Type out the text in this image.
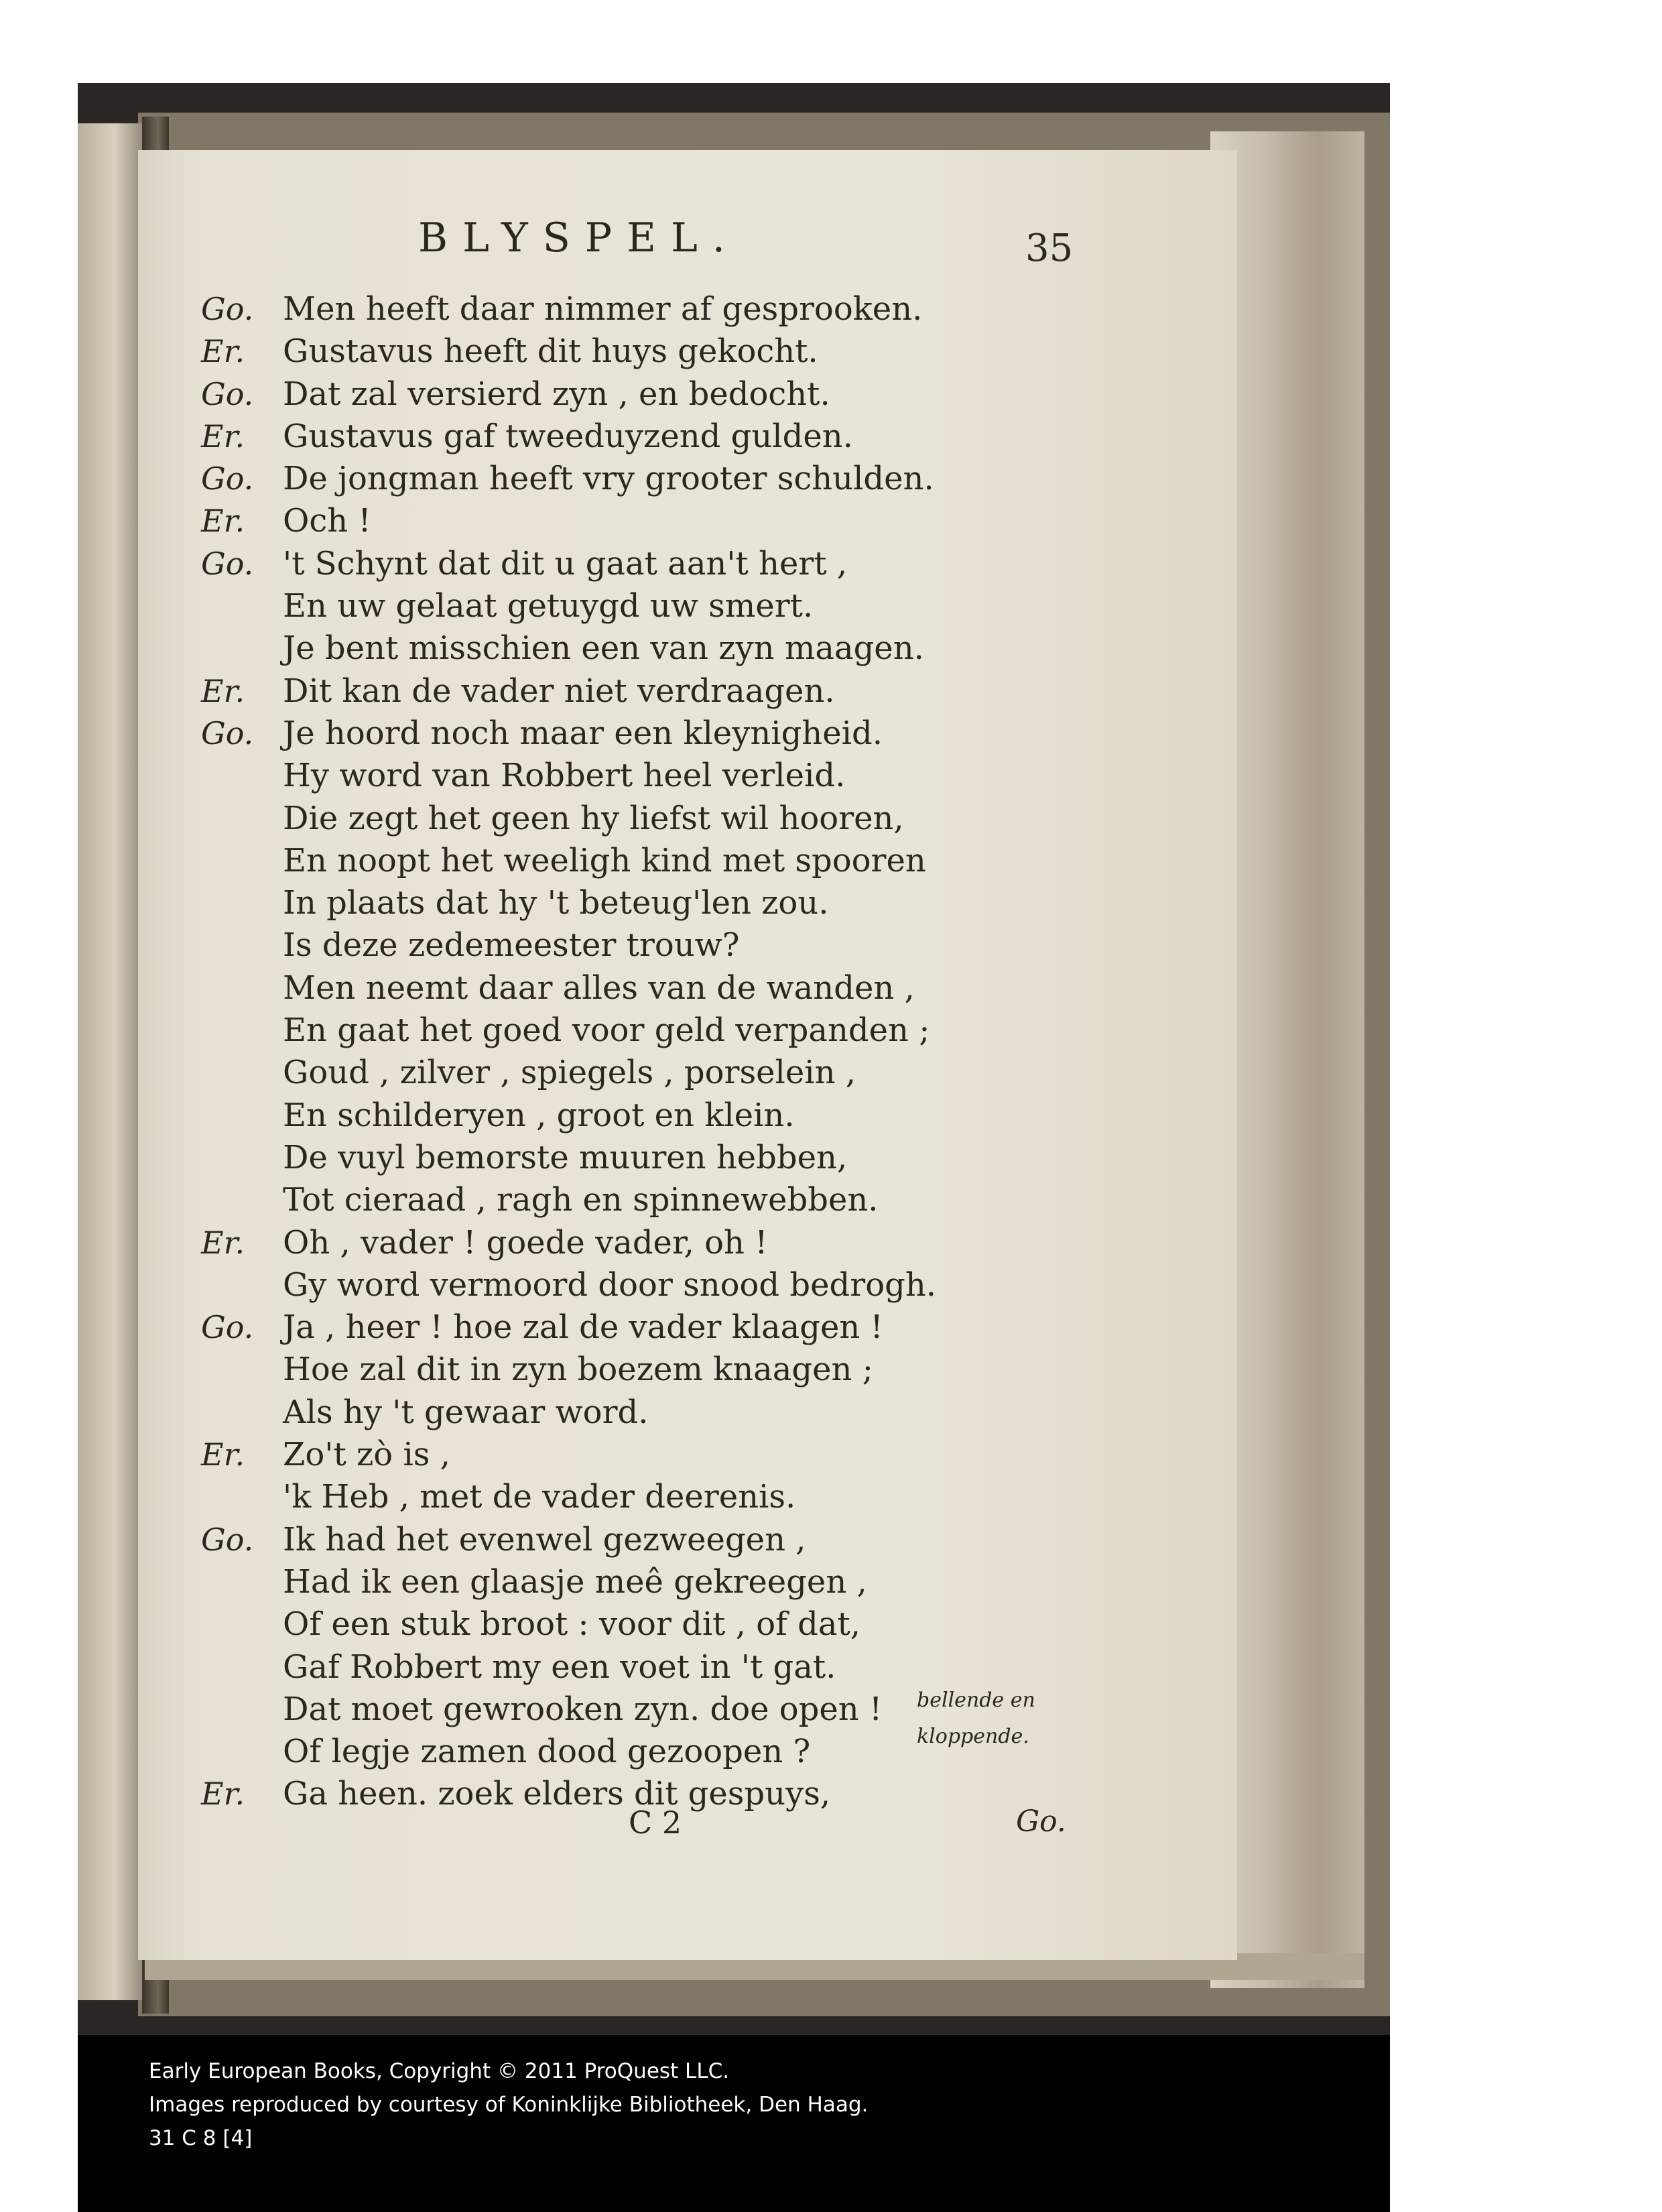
BLYSPEL.	35
Go. Men heeft daar nimmer af gesprooken.
Er. Gustavus heeft dit huys gekocht.
Go. Dat zal versierd zyn , en bedocht.
Er. Gustavus gaf tweeduyzend gulden.
Go. De jongman heeft vry grooter schulden.
Er. Och !
Go. 't Schynt dat dit u gaat aan't hert ,
En uw gelaat getuygd uw smert.
Je bent misschien een van zyn maagen.
Er. Dit kan de vader niet verdraagen.
Go. Je hoord noch maar een kleynigheid.
Hy word van Robbert heel verleid.
Die zegt het geen hy liefst wil hooren,
En noopt het weeligh kind met spooren
In plaats dat hy 't beteug'len zou.
Is deze zedemeester trouw?
Men neemt daar alles van de wanden ,
En gaat het goed voor geld verpanden ;
Goud , zilver , spiegels , porselein ,
En schilderyen , groot en klein.
De vuyl bemorste muuren hebben,
Tot cieraad , ragh en spinnewebben.
Er. Oh , vader ! goede vader, oh !
Gy word vermoord door snood bedrogh.
Go. Ja , heer ! hoe zal de vader klaagen !
Hoe zal dit in zyn boezem knaagen ;
Als hy 't gewaar word.
Er. Zo't zò is ,
'k Heb , met de vader deerenis.
Go. Ik had het evenwel gezweegen ,
Had ik een glaasje meê gekreegen ,
Of een stuk broot : voor dit , of dat,
Gaf Robbert my een voet in 't gat.
Dat moet gewrooken zyn. doe open !
Of legje zamen dood gezoopen ?
Er. Ga heen. zoek elders dit gespuys,
bellende en
kloppende.
C 2	Go.
Early European Books, Copyright © 2011 ProQuest LLC.
Images reproduced by courtesy of Koninklijke Bibliotheek, Den Haag.
31 C 8 [4]
